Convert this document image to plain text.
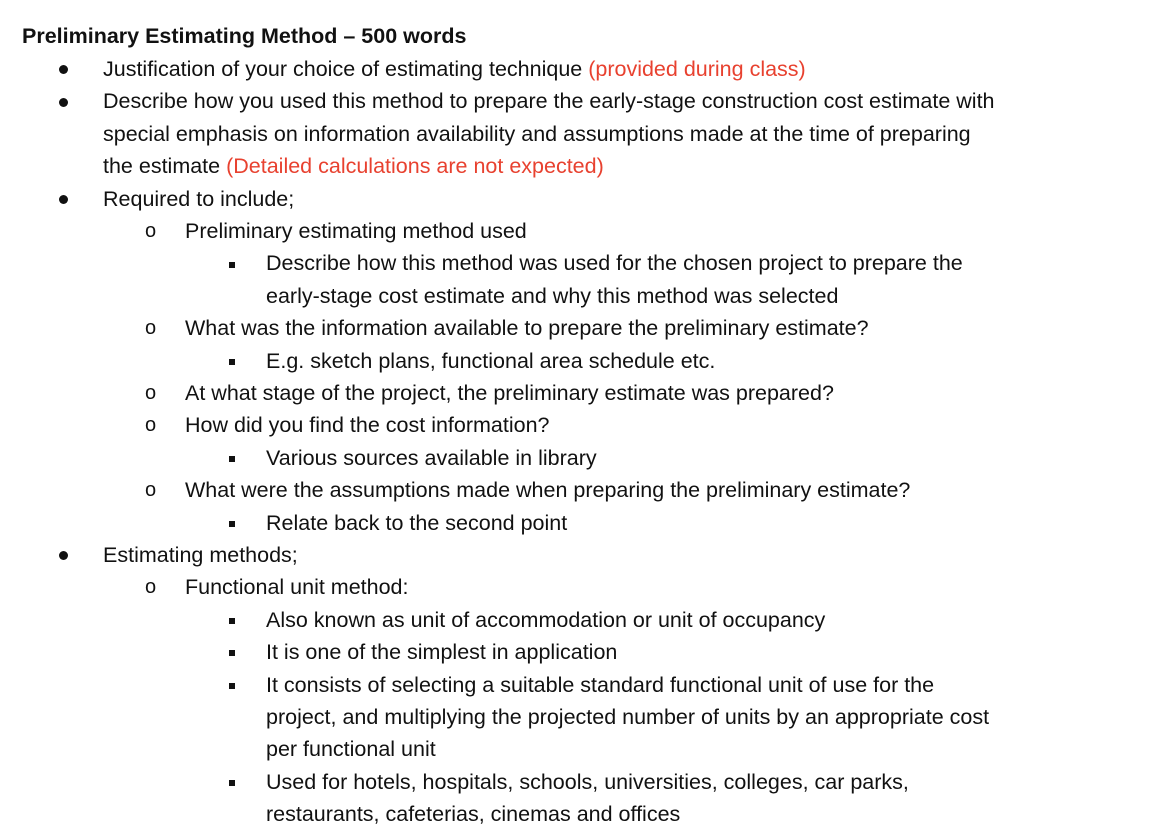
Preliminary Estimating Method – 500 words
Justification of your choice of estimating technique (provided during class)
Describe how you used this method to prepare the early-stage construction cost estimate with
special emphasis on information availability and assumptions made at the time of preparing
the estimate (Detailed calculations are not expected)
Required to include;
o Preliminary estimating method used
Describe how this method was used for the chosen project to prepare the
early-stage cost estimate and why this method was selected
o What was the information available to prepare the preliminary estimate?
E.g. sketch plans, functional area schedule etc.
o At what stage of the project, the preliminary estimate was prepared?
o How did you find the cost information?
Various sources available in library
o What were the assumptions made when preparing the preliminary estimate?
Relate back to the second point
Estimating methods;
o Functional unit method:
Also known as unit of accommodation or unit of occupancy
It is one of the simplest in application
It consists of selecting a suitable standard functional unit of use for the
project, and multiplying the projected number of units by an appropriate cost
per functional unit
Used for hotels, hospitals, schools, universities, colleges, car parks,
restaurants, cafeterias, cinemas and offices
